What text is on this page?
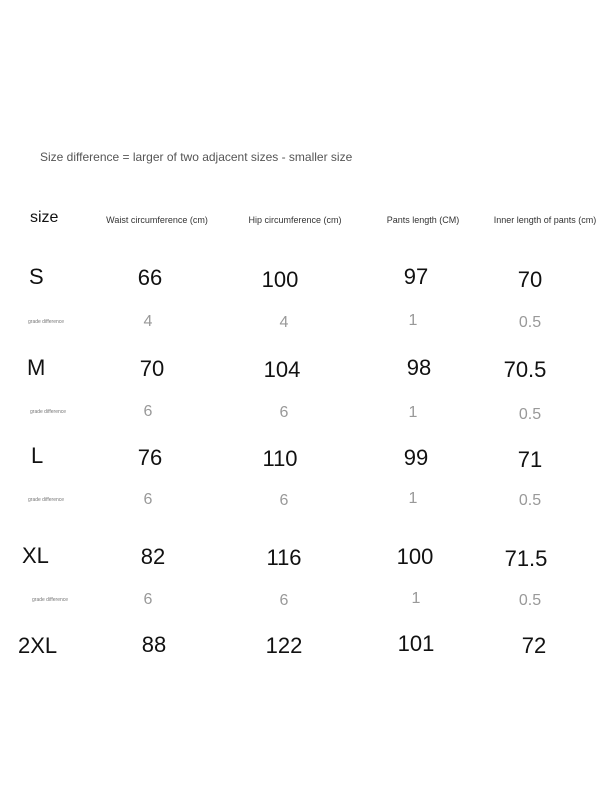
Size difference = larger of two adjacent sizes - smaller size
size	Waist circumference (cm)	Hip circumference (cm)	Pants length (CM)	Inner length of pants (cm)
S	66	100	97	70
grade difference	4	4	1	0.5
M	70	104	98	70.5
grade difference	6	6	1	0.5
L	76	110	99	71
grade difference	6	6	1	0.5
XL	82	116	100	71.5
grade difference	6	6	1	0.5
2XL	88	122	101	72
